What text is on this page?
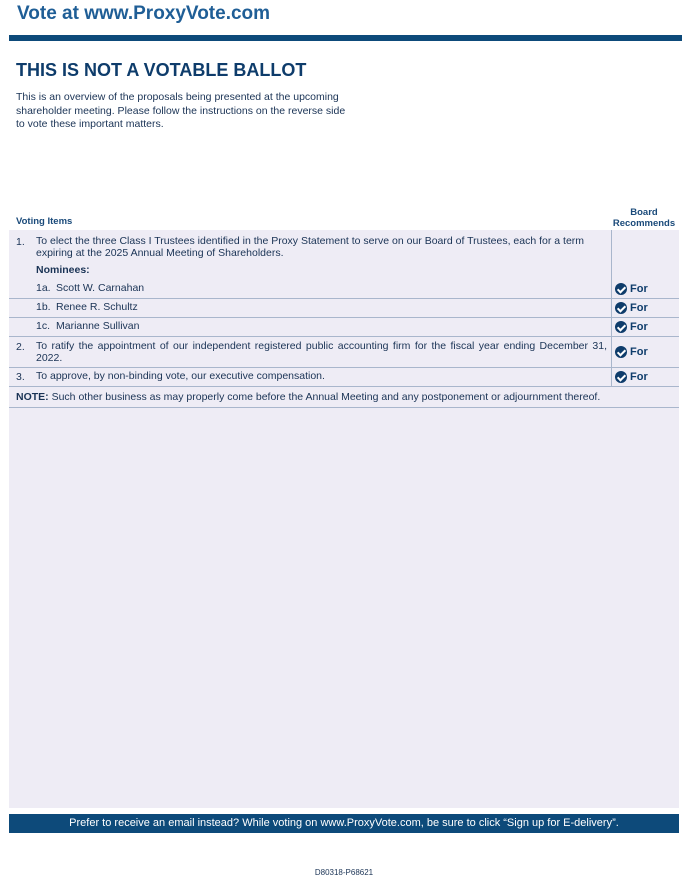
Vote at www.ProxyVote.com
THIS IS NOT A VOTABLE BALLOT
This is an overview of the proposals being presented at the upcoming shareholder meeting. Please follow the instructions on the reverse side to vote these important matters.
Voting Items
Board
Recommends
1. To elect the three Class I Trustees identified in the Proxy Statement to serve on our Board of Trustees, each for a term expiring at the 2025 Annual Meeting of Shareholders.
Nominees:
1a. Scott W. Carnahan	For
1b. Renee R. Schultz	For
1c. Marianne Sullivan	For
2. To ratify the appointment of our independent registered public accounting firm for the fiscal year ending December 31, 2022.	For
3. To approve, by non-binding vote, our executive compensation.	For
NOTE: Such other business as may properly come before the Annual Meeting and any postponement or adjournment thereof.
Prefer to receive an email instead? While voting on www.ProxyVote.com, be sure to click “Sign up for E-delivery”.
D80318-P68621
